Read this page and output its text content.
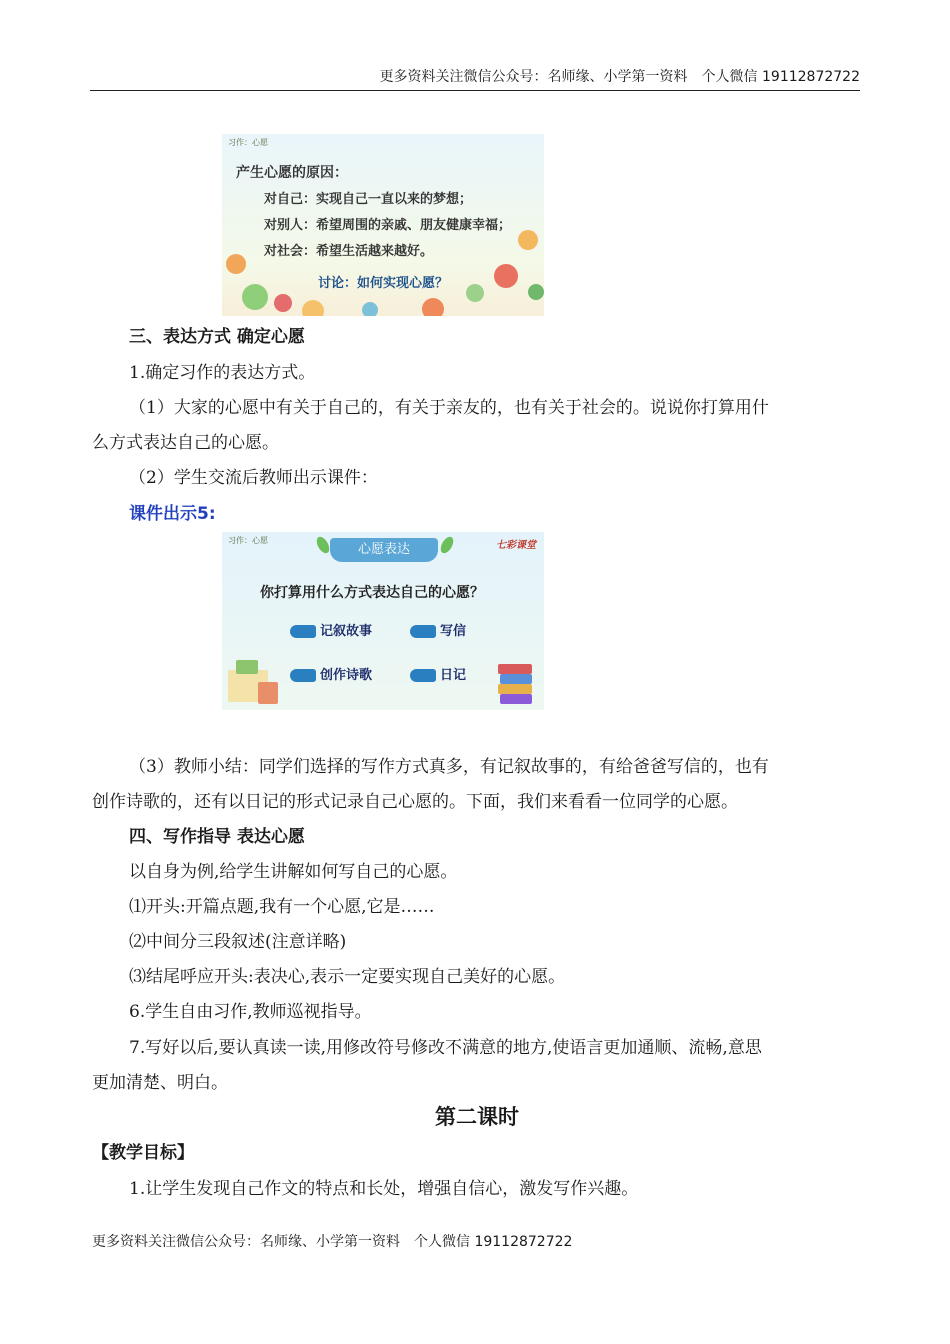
更多资料关注微信公众号：名师缘、小学第一资料 个人微信 19112872722
习作：心愿
产生心愿的原因：
对自己：实现自己一直以来的梦想；
对别人：希望周围的亲戚、朋友健康幸福；
对社会：希望生活越来越好。
讨论：如何实现心愿？
三、表达方式 确定心愿
1.确定习作的表达方式。
（1）大家的心愿中有关于自己的，有关于亲友的，也有关于社会的。说说你打算用什
么方式表达自己的心愿。
（2）学生交流后教师出示课件：
课件出示5:
（3）教师小结：同学们选择的写作方式真多，有记叙故事的，有给爸爸写信的，也有
创作诗歌的，还有以日记的形式记录自己心愿的。下面，我们来看看一位同学的心愿。
四、写作指导 表达心愿
以自身为例,给学生讲解如何写自己的心愿。
⑴开头:开篇点题,我有一个心愿,它是……
⑵中间分三段叙述(注意详略)
⑶结尾呼应开头:表决心,表示一定要实现自己美好的心愿。
6.学生自由习作,教师巡视指导。
7.写好以后,要认真读一读,用修改符号修改不满意的地方,使语言更加通顺、流畅,意思
更加清楚、明白。
第二课时
【教学目标】
1.让学生发现自己作文的特点和长处，增强自信心，激发写作兴趣。
习作：心愿
心愿表达	七彩课堂
你打算用什么方式表达自己的心愿？
记叙故事	写信
创作诗歌	日记
更多资料关注微信公众号：名师缘、小学第一资料 个人微信 19112872722
